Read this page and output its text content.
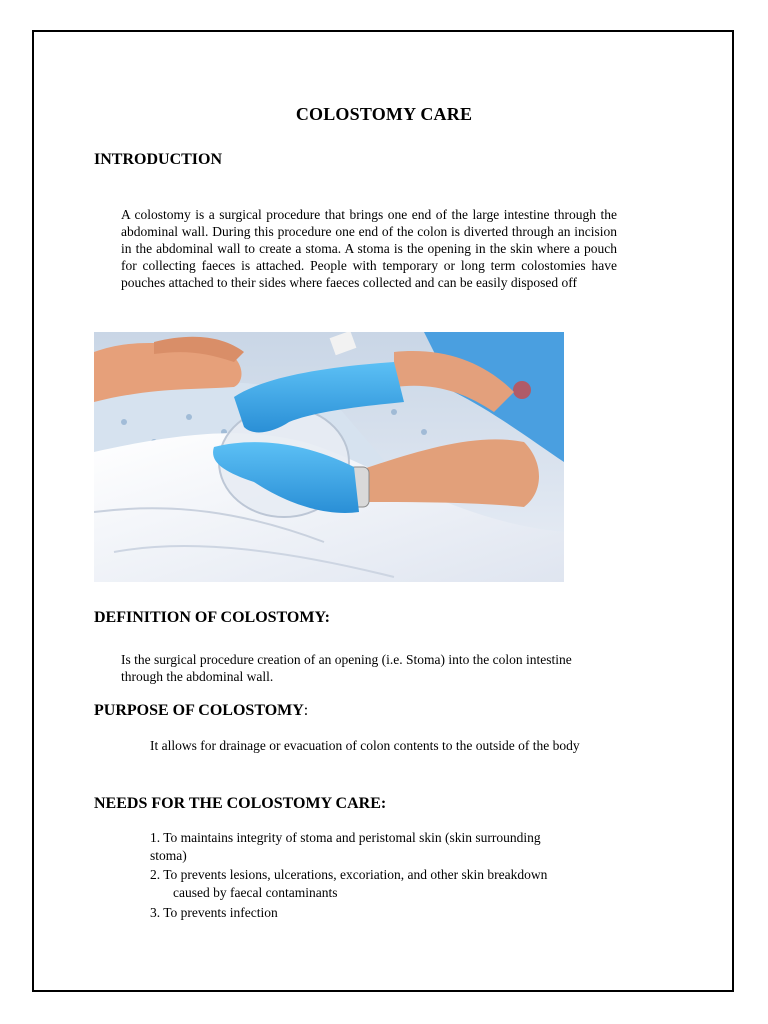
COLOSTOMY CARE
INTRODUCTION
A colostomy is a surgical procedure that brings one end of the large intestine through the abdominal wall. During this procedure one end of the colon is diverted through an incision in the abdominal wall to create a stoma. A stoma is the opening in the skin where a pouch for collecting faeces is attached. People with temporary or long term colostomies have pouches attached to their sides where faeces collected and can be easily disposed off
DEFINITION OF COLOSTOMY:
Is the surgical procedure creation of an opening (i.e. Stoma) into the colon intestine through the abdominal wall.
PURPOSE OF COLOSTOMY:
It allows for drainage or evacuation of colon contents to the outside of the body
NEEDS FOR THE COLOSTOMY CARE:
1. To maintains integrity of stoma and peristomal skin (skin surrounding
stoma)
2. To prevents lesions, ulcerations, excoriation, and other skin breakdown
caused by faecal contaminants
3. To prevents infection
